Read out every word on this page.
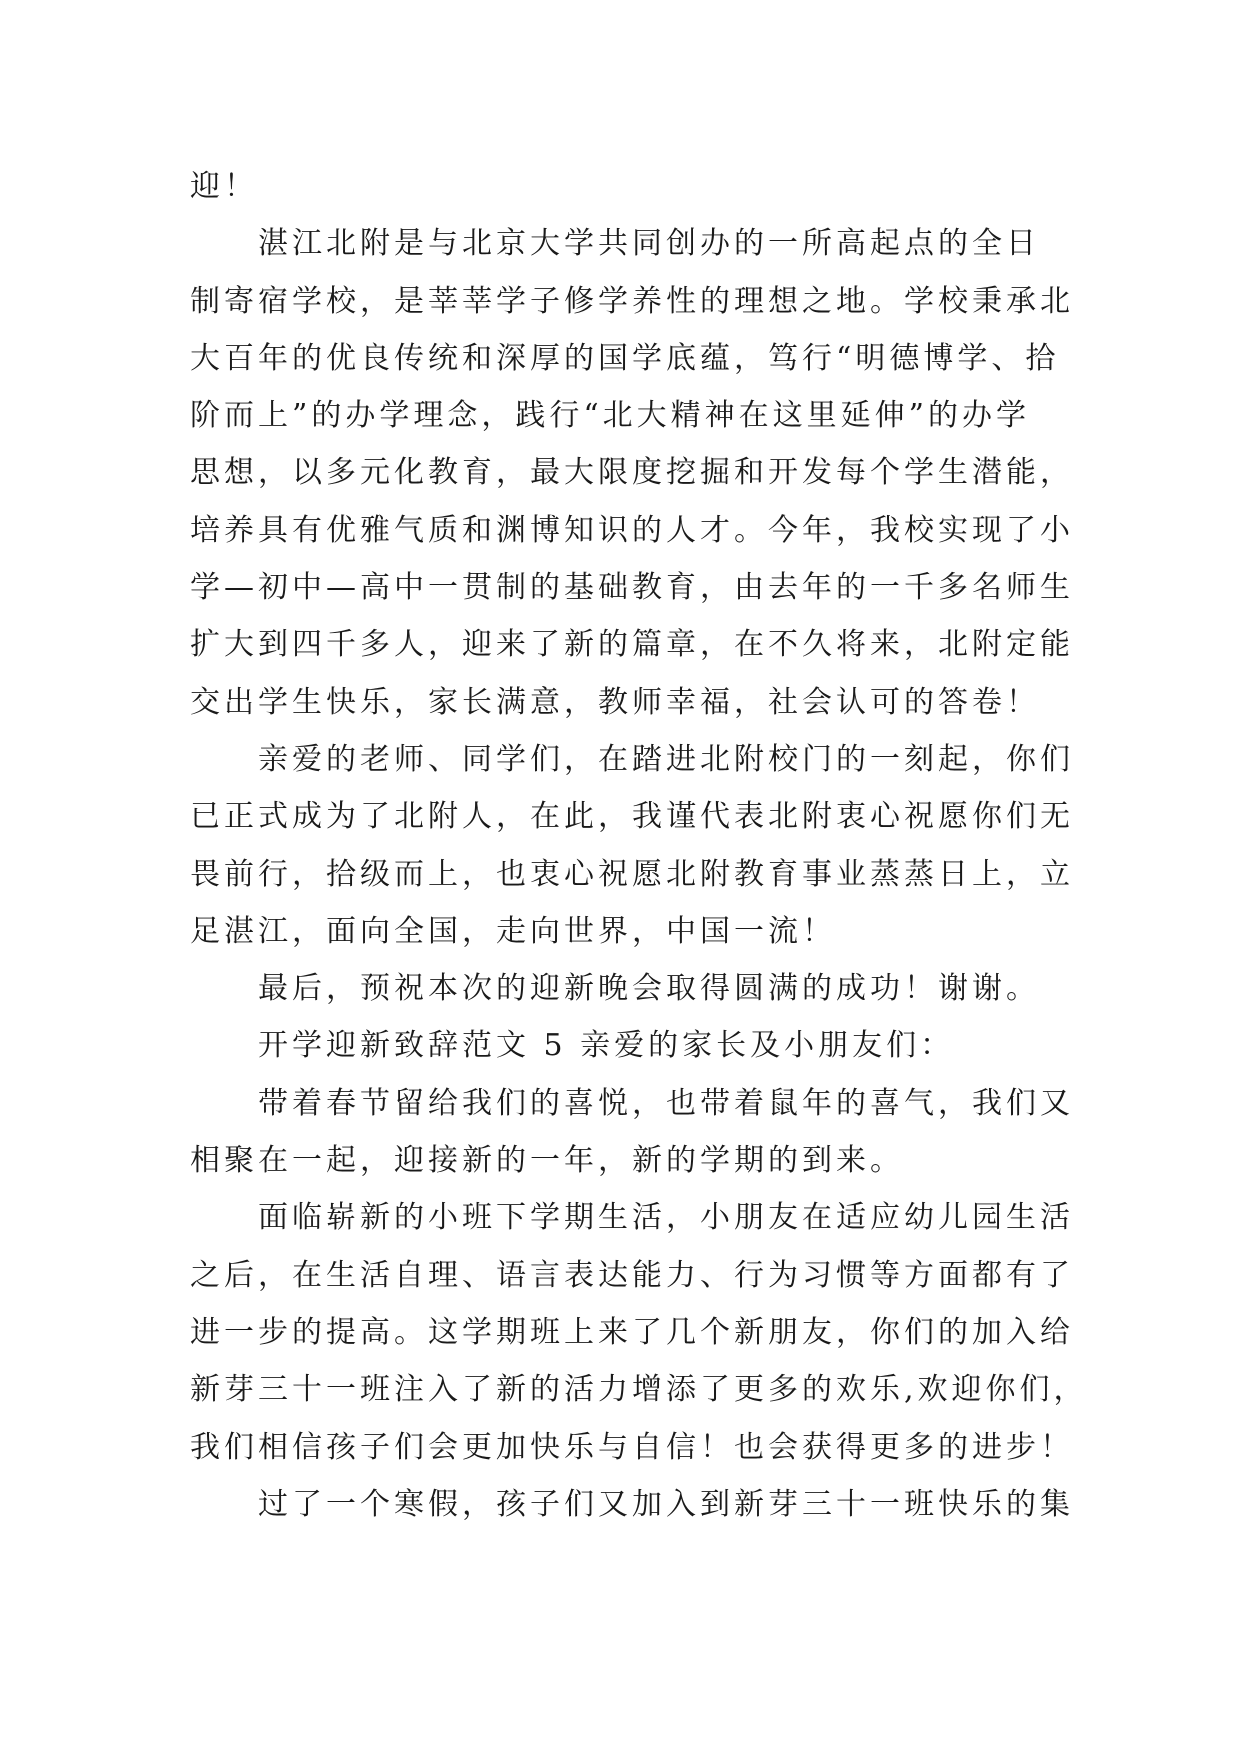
迎！
湛江北附是与北京大学共同创办的一所高起点的全日
制寄宿学校，是莘莘学子修学养性的理想之地。学校秉承北
大百年的优良传统和深厚的国学底蕴，笃行“明德博学、拾
阶而上”的办学理念，践行“北大精神在这里延伸”的办学
思想，以多元化教育，最大限度挖掘和开发每个学生潜能，
培养具有优雅气质和渊博知识的人才。今年，我校实现了小
学—初中—高中一贯制的基础教育，由去年的一千多名师生
扩大到四千多人，迎来了新的篇章，在不久将来，北附定能
交出学生快乐，家长满意，教师幸福，社会认可的答卷！
亲爱的老师、同学们，在踏进北附校门的一刻起，你们
已正式成为了北附人，在此，我谨代表北附衷心祝愿你们无
畏前行，拾级而上，也衷心祝愿北附教育事业蒸蒸日上，立
足湛江，面向全国，走向世界，中国一流！
最后，预祝本次的迎新晚会取得圆满的成功！谢谢。
开学迎新致辞范文 5 亲爱的家长及小朋友们：
带着春节留给我们的喜悦，也带着鼠年的喜气，我们又
相聚在一起，迎接新的一年，新的学期的到来。
面临崭新的小班下学期生活，小朋友在适应幼儿园生活
之后，在生活自理、语言表达能力、行为习惯等方面都有了
进一步的提高。这学期班上来了几个新朋友，你们的加入给
新芽三十一班注入了新的活力增添了更多的欢乐,欢迎你们，
我们相信孩子们会更加快乐与自信！也会获得更多的进步！
过了一个寒假，孩子们又加入到新芽三十一班快乐的集
